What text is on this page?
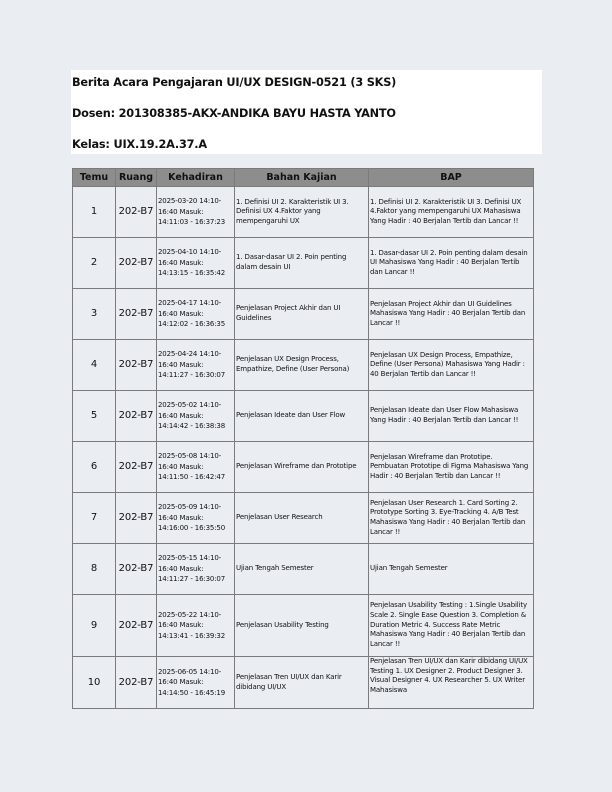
Berita Acara Pengajaran UI/UX DESIGN-0521 (3 SKS)
Dosen: 201308385-AKX-ANDIKA BAYU HASTA YANTO
Kelas: UIX.19.2A.37.A
Temu	Ruang	Kehadiran	Bahan Kajian	BAP
1	202-B7	2025-03-20 14:10-16:40 Masuk: 14:11:03 - 16:37:23	1. Definisi UI 2. Karakteristik UI 3. Definisi UX 4.Faktor yang mempengaruhi UX	1. Definisi UI 2. Karakteristik UI 3. Definisi UX 4.Faktor yang mempengaruhi UX Mahasiswa Yang Hadir : 40 Berjalan Tertib dan Lancar !!
2	202-B7	2025-04-10 14:10-16:40 Masuk: 14:13:15 - 16:35:42	1. Dasar-dasar UI 2. Poin penting dalam desain UI	1. Dasar-dasar UI 2. Poin penting dalam desain UI Mahasiswa Yang Hadir : 40 Berjalan Tertib dan Lancar !!
3	202-B7	2025-04-17 14:10-16:40 Masuk: 14:12:02 - 16:36:35	Penjelasan Project Akhir dan UI Guidelines	Penjelasan Project Akhir dan UI Guidelines Mahasiswa Yang Hadir : 40 Berjalan Tertib dan Lancar !!
4	202-B7	2025-04-24 14:10-16:40 Masuk: 14:11:27 - 16:30:07	Penjelasan UX Design Process, Empathize, Define (User Persona)	Penjelasan UX Design Process, Empathize, Define (User Persona) Mahasiswa Yang Hadir : 40 Berjalan Tertib dan Lancar !!
5	202-B7	2025-05-02 14:10-16:40 Masuk: 14:14:42 - 16:38:38	Penjelasan Ideate dan User Flow	Penjelasan Ideate dan User Flow Mahasiswa Yang Hadir : 40 Berjalan Tertib dan Lancar !!
6	202-B7	2025-05-08 14:10-16:40 Masuk: 14:11:50 - 16:42:47	Penjelasan Wireframe dan Prototipe	Penjelasan Wireframe dan Prototipe. Pembuatan Prototipe di Figma Mahasiswa Yang Hadir : 40 Berjalan Tertib dan Lancar !!
7	202-B7	2025-05-09 14:10-16:40 Masuk: 14:16:00 - 16:35:50	Penjelasan User Research	Penjelasan User Research 1. Card Sorting 2. Prototype Sorting 3. Eye-Tracking 4. A/B Test Mahasiswa Yang Hadir : 40 Berjalan Tertib dan Lancar !!
8	202-B7	2025-05-15 14:10-16:40 Masuk: 14:11:27 - 16:30:07	Ujian Tengah Semester	Ujian Tengah Semester
9	202-B7	2025-05-22 14:10-16:40 Masuk: 14:13:41 - 16:39:32	Penjelasan Usability Testing	Penjelasan Usability Testing : 1.Single Usability Scale 2. Single Ease Question 3. Completion & Duration Metric 4. Success Rate Metric Mahasiswa Yang Hadir : 40 Berjalan Tertib dan Lancar !!
10	202-B7	2025-06-05 14:10-16:40 Masuk: 14:14:50 - 16:45:19	Penjelasan Tren UI/UX dan Karir dibidang UI/UX	Penjelasan Tren UI/UX dan Karir dibidang UI/UX Testing 1. UX Designer 2. Product Designer 3. Visual Designer 4. UX Researcher 5. UX Writer Mahasiswa
